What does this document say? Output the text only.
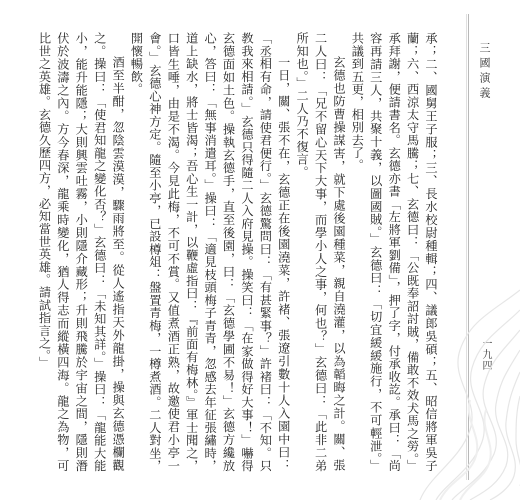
承；二、國舅王子服；三、長水校尉種輯；四、議郎吳碩；五、昭信將軍吳子蘭；六、西涼太守馬騰；七、玄德曰：「公既奉詔討賊，備敢不效犬馬之勞。」承拜謝，便請書名。玄德亦書「左將軍劉備」，押了字，付承收訖。承曰：「尚容再請三人，共聚十義，以圖國賊。」玄德曰：「切宜緩緩施行，不可輕泄。」共議到五更，相別去了。

玄德也防曹操謀害，就下處後園種菜，親自澆灌，以為韜晦之計。關、張二人曰：「兄不留心天下大事，而學小人之事，何也？」玄德曰：「此非二弟所知也。」二人乃不復言。

一日，關、張不在，玄德正在後園澆菜，許褚、張遼引數十人入園中曰：「丞相有命，請使君便行。」玄德驚問曰：「有甚緊事？」許褚曰：「不知。只教我來相請。」玄德只得隨二人入府見操。操笑曰：「在家做得好大事！」嚇得玄德面如土色。操執玄德手，直至後園，曰：「玄德學圃不易！」玄德方纔放心，答曰：「無事消遣耳。」操曰：「適見枝頭梅子青青，忽感去年征張繡時，道上缺水，將士皆渴；吾心生一計，以鞭虛指曰：『前面有梅林。』軍士聞之，口皆生唾，由是不渴。今見此梅，不可不賞。又值煮酒正熟，故邀使君小亭一會。」玄德心神方定。隨至小亭，已設樽俎：盤置青梅，一樽煮酒。二人對坐，開懷暢飲。

酒至半酣，忽陰雲漠漠，驟雨將至。從人遙指天外龍掛，操與玄德憑欄觀之。操曰：「使君知龍之變化否？」玄德曰：「未知其詳。」操曰：「龍能大能小，能升能隱；大則興雲吐霧，小則隱介藏形；升則飛騰於宇宙之間，隱則潛伏於波濤之內。方今春深，龍乘時變化，猶人得志而縱橫四海。龍之為物，可比世之英雄。玄德久歷四方，必知當世英雄。請試指言之。」	三國演義
一九四
